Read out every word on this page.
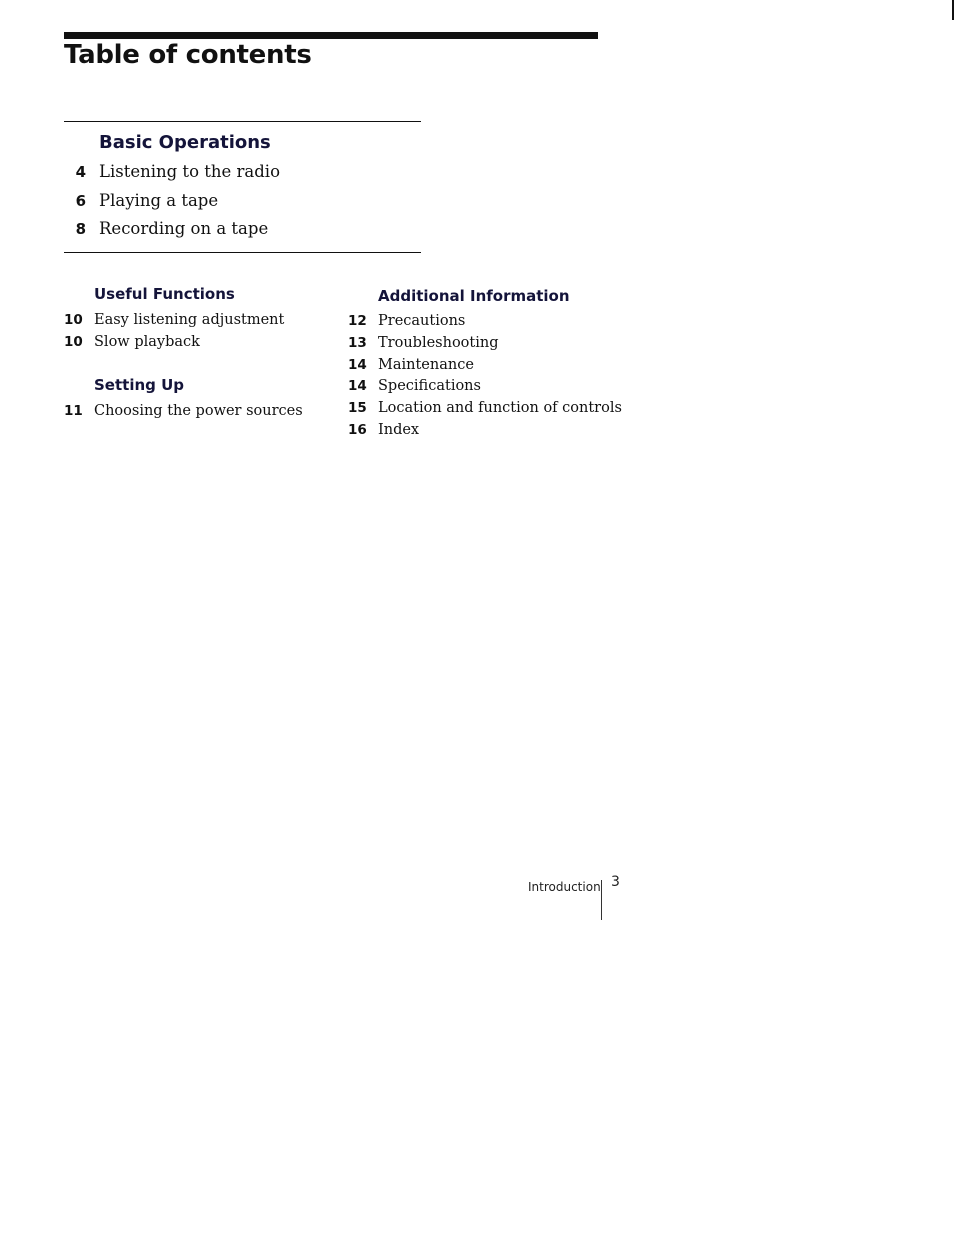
Table of contents
Basic Operations
4 Listening to the radio
6 Playing a tape
8 Recording on a tape
Useful Functions
10 Easy listening adjustment
10 Slow playback
Setting Up
11 Choosing the power sources
Additional Information
12 Precautions
13 Troubleshooting
14 Maintenance
14 Specifications
15 Location and function of controls
16 Index
Introduction 3
